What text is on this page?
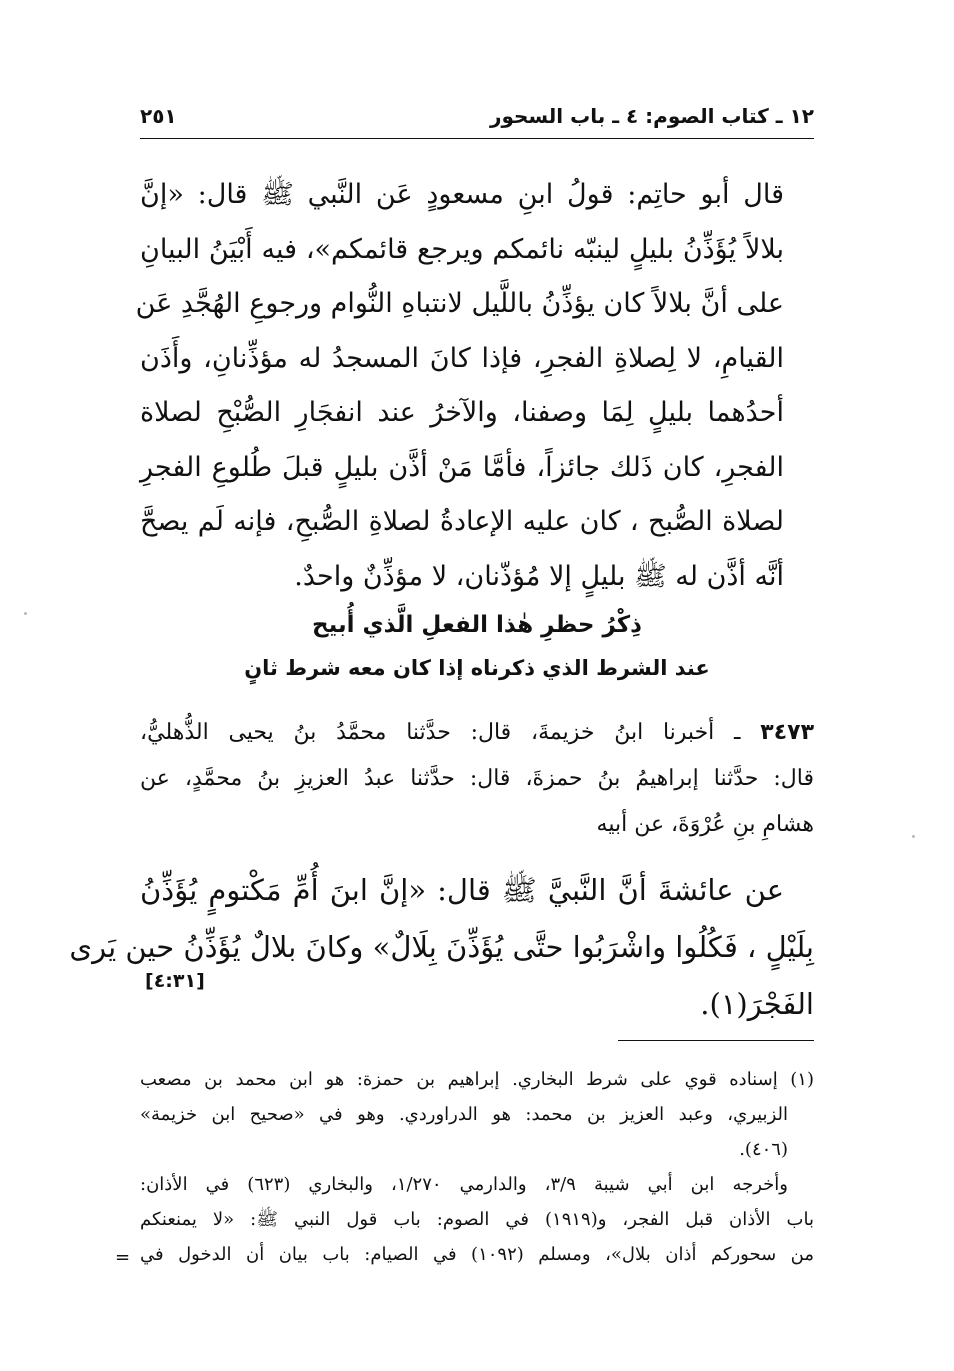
١٢ ـ كتاب الصوم: ٤ ـ باب السحور
٢٥١
قال أبو حاتِم: قولُ ابنِ مسعودٍ عَن النَّبي ﷺ قال: «إنَّ
بلالاً يُؤَذِّنُ بليلٍ لينبّه نائمكم ويرجع قائمكم»، فيه أَبْيَنُ البيانِ
على أنَّ بلالاً كان يؤذِّنُ باللَّيل لانتباهِ النُّوام ورجوعِ الهُجَّدِ عَن
القيامِ، لا لِصلاةِ الفجرِ، فإذا كانَ المسجدُ له مؤذِّنانِ، وأَذَن
أحدُهما بليلٍ لِمَا وصفنا، والآخرُ عند انفجَارِ الصُّبْحِ لصلاة
الفجرِ، كان ذَلك جائزاً، فأمَّا مَنْ أذَّن بليلٍ قبلَ طُلوعِ الفجرِ
لصلاة الصُّبح ، كان عليه الإعادةُ لصلاةِ الصُّبحِ، فإنه لَم يصحَّ
أنَّه أذَّن له ﷺ بليلٍ إلا مُؤذّنان، لا مؤذِّنٌ واحدٌ.
ذِكْرُ حظرِ هٰذا الفعلِ الَّذي أُبيح
عند الشرط الذي ذكرناه إذا كان معه شرط ثانٍ
٣٤٧٣ ـ أخبرنا ابنُ خزيمةَ، قال: حدَّثنا محمَّدُ بنُ يحيى الذُّهليُّ،
قال: حدَّثنا إبراهيمُ بنُ حمزةَ، قال: حدَّثنا عبدُ العزيزِ بنُ محمَّدٍ، عن
هشامِ بنِ عُرْوَةَ، عن أبيه
عن عائشةَ أنَّ النَّبيَّ ﷺ قال: «إنَّ ابنَ أُمِّ مَكْتومٍ يُؤَذِّنُ
بِلَيْلٍ ، فَكُلُوا واشْرَبُوا حتَّى يُؤَذِّنَ بِلَالٌ» وكانَ بلالٌ يُؤَذِّنُ حين يَرى
الفَجْرَ(١).
[٤:٣١]
(١) إسناده قوي على شرط البخاري. إبراهيم بن حمزة: هو ابن محمد بن مصعب
الزبيري، وعبد العزيز بن محمد: هو الدراوردي. وهو في «صحيح ابن خزيمة»
(٤٠٦).
وأخرجه ابن أبي شيبة ٣/٩، والدارمي ١/٢٧٠، والبخاري (٦٢٣) في الأذان:
باب الأذان قبل الفجر، و(١٩١٩) في الصوم: باب قول النبي ﷺ: «لا يمنعنكم
من سحوركم أذان بلال»، ومسلم (١٠٩٢) في الصيام: باب بيان أن الدخول في
=
